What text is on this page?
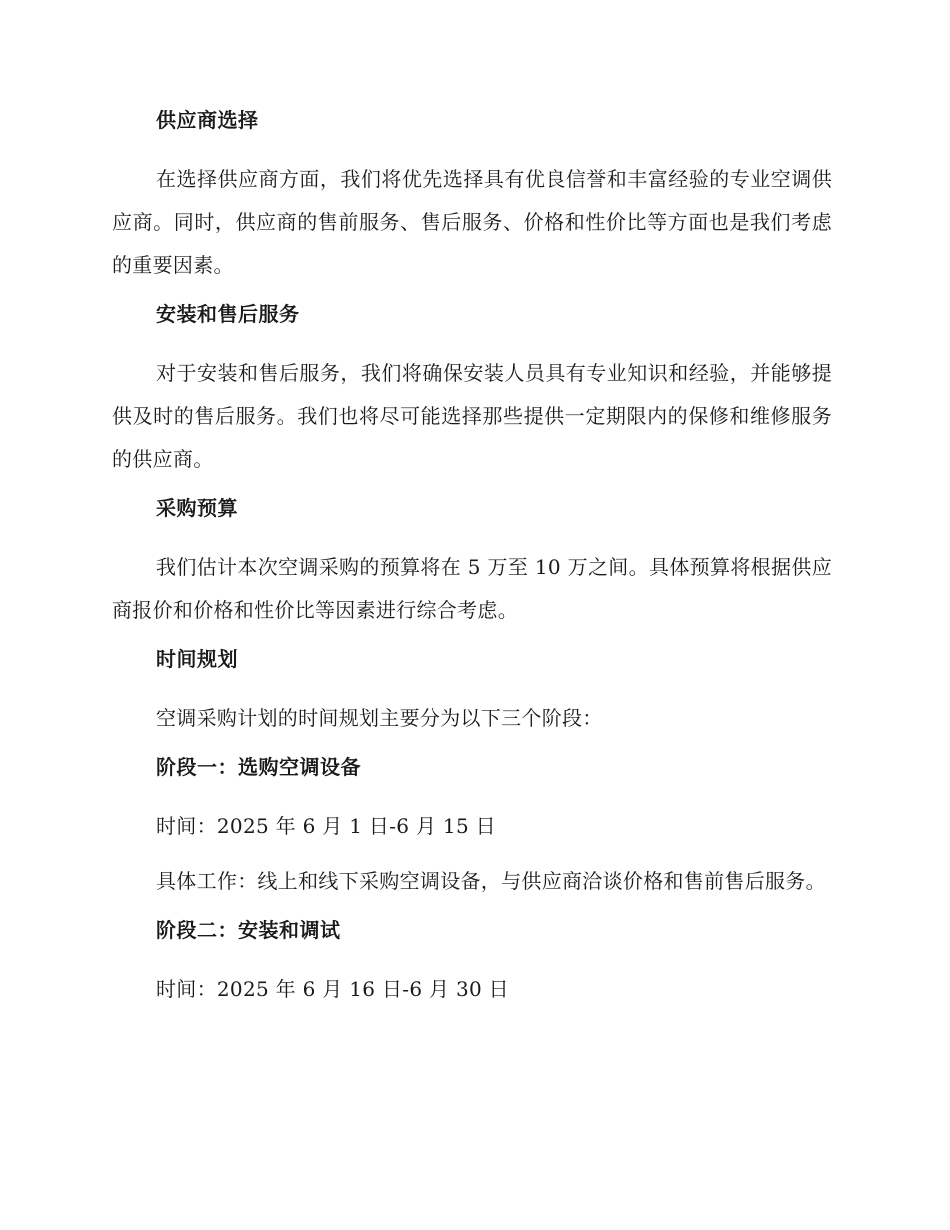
供应商选择

在选择供应商方面，我们将优先选择具有优良信誉和丰富经验的专业空调供应商。同时，供应商的售前服务、售后服务、价格和性价比等方面也是我们考虑的重要因素。

安装和售后服务

对于安装和售后服务，我们将确保安装人员具有专业知识和经验，并能够提供及时的售后服务。我们也将尽可能选择那些提供一定期限内的保修和维修服务的供应商。

采购预算

我们估计本次空调采购的预算将在 5 万至 10 万之间。具体预算将根据供应商报价和价格和性价比等因素进行综合考虑。

时间规划

空调采购计划的时间规划主要分为以下三个阶段：

阶段一：选购空调设备

时间：2025 年 6 月 1 日-6 月 15 日

具体工作：线上和线下采购空调设备，与供应商洽谈价格和售前售后服务。

阶段二：安装和调试

时间：2025 年 6 月 16 日-6 月 30 日
